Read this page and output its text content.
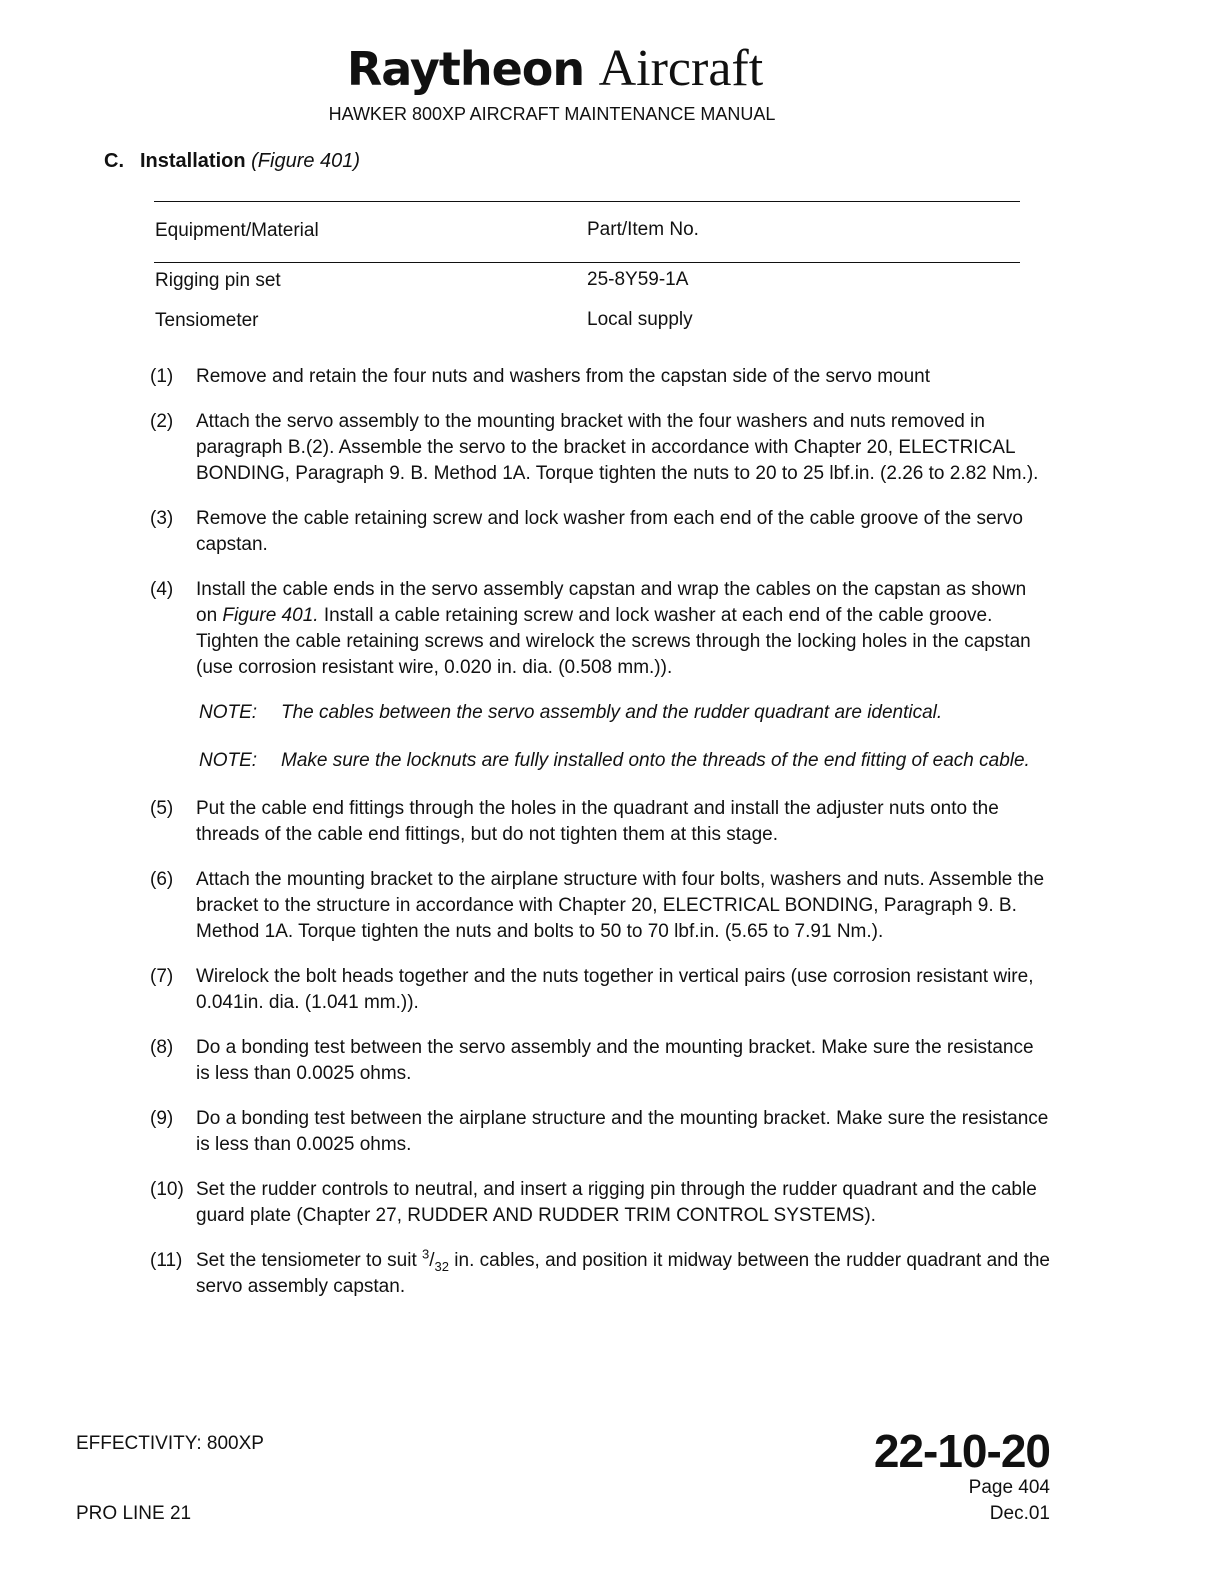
Raytheon Aircraft
HAWKER 800XP AIRCRAFT MAINTENANCE MANUAL
C. Installation (Figure 401)
Equipment/Material	Part/Item No.
Rigging pin set	25-8Y59-1A
Tensiometer	Local supply
(1) Remove and retain the four nuts and washers from the capstan side of the servo mount
(2) Attach the servo assembly to the mounting bracket with the four washers and nuts removed in paragraph B.(2). Assemble the servo to the bracket in accordance with Chapter 20, ELECTRICAL BONDING, Paragraph 9. B. Method 1A. Torque tighten the nuts to 20 to 25 lbf.in. (2.26 to 2.82 Nm.).
(3) Remove the cable retaining screw and lock washer from each end of the cable groove of the servo capstan.
(4) Install the cable ends in the servo assembly capstan and wrap the cables on the capstan as shown on Figure 401. Install a cable retaining screw and lock washer at each end of the cable groove. Tighten the cable retaining screws and wirelock the screws through the locking holes in the capstan (use corrosion resistant wire, 0.020 in. dia. (0.508 mm.)).
NOTE: The cables between the servo assembly and the rudder quadrant are identical.
NOTE: Make sure the locknuts are fully installed onto the threads of the end fitting of each cable.
(5) Put the cable end fittings through the holes in the quadrant and install the adjuster nuts onto the threads of the cable end fittings, but do not tighten them at this stage.
(6) Attach the mounting bracket to the airplane structure with four bolts, washers and nuts. Assemble the bracket to the structure in accordance with Chapter 20, ELECTRICAL BONDING, Paragraph 9. B. Method 1A. Torque tighten the nuts and bolts to 50 to 70 lbf.in. (5.65 to 7.91 Nm.).
(7) Wirelock the bolt heads together and the nuts together in vertical pairs (use corrosion resistant wire, 0.041in. dia. (1.041 mm.)).
(8) Do a bonding test between the servo assembly and the mounting bracket. Make sure the resistance is less than 0.0025 ohms.
(9) Do a bonding test between the airplane structure and the mounting bracket. Make sure the resistance is less than 0.0025 ohms.
(10) Set the rudder controls to neutral, and insert a rigging pin through the rudder quadrant and the cable guard plate (Chapter 27, RUDDER AND RUDDER TRIM CONTROL SYSTEMS).
(11) Set the tensiometer to suit $^3/_{32}$ in. cables, and position it midway between the rudder quadrant and the servo assembly capstan.
EFFECTIVITY: 800XP
PRO LINE 21
22-10-20
Page 404
Dec.01
